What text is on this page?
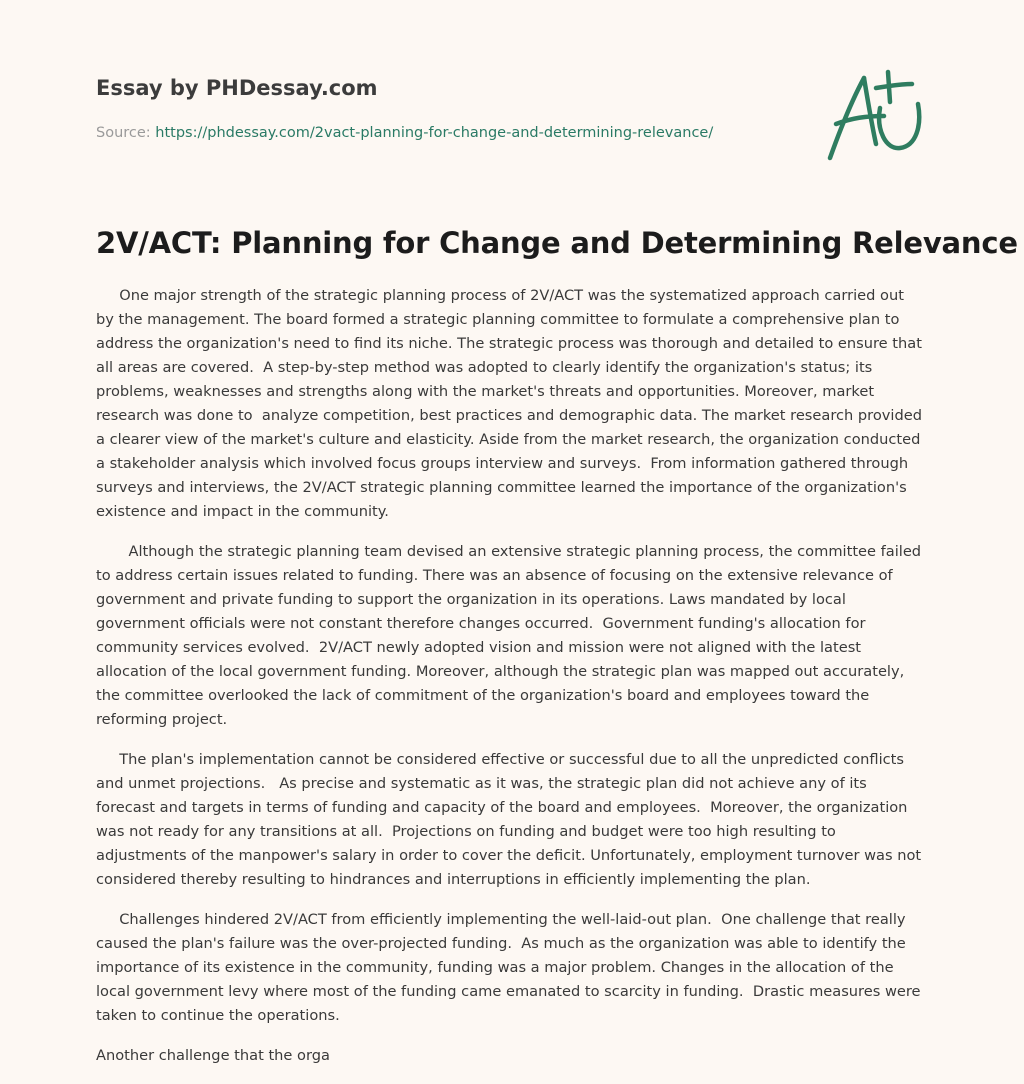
Essay by PHDessay.com
Source: https://phdessay.com/2vact-planning-for-change-and-determining-relevance/
2V/ACT: Planning for Change and Determining Relevance

One major strength of the strategic planning process of 2V/ACT was the systematized approach carried out by the management. The board formed a strategic planning committee to formulate a comprehensive plan to address the organization's need to find its niche. The strategic process was thorough and detailed to ensure that all areas are covered.  A step-by-step method was adopted to clearly identify the organization's status; its problems, weaknesses and strengths along with the market's threats and opportunities. Moreover, market research was done to  analyze competition, best practices and demographic data. The market research provided a clearer view of the market's culture and elasticity. Aside from the market research, the organization conducted a stakeholder analysis which involved focus groups interview and surveys.  From information gathered through surveys and interviews, the 2V/ACT strategic planning committee learned the importance of the organization's existence and impact in the community.

Although the strategic planning team devised an extensive strategic planning process, the committee failed to address certain issues related to funding. There was an absence of focusing on the extensive relevance of government and private funding to support the organization in its operations. Laws mandated by local government officials were not constant therefore changes occurred.  Government funding's allocation for community services evolved.  2V/ACT newly adopted vision and mission were not aligned with the latest allocation of the local government funding. Moreover, although the strategic plan was mapped out accurately, the committee overlooked the lack of commitment of the organization's board and employees toward the reforming project.

The plan's implementation cannot be considered effective or successful due to all the unpredicted conflicts and unmet projections.   As precise and systematic as it was, the strategic plan did not achieve any of its forecast and targets in terms of funding and capacity of the board and employees.  Moreover, the organization was not ready for any transitions at all.  Projections on funding and budget were too high resulting to adjustments of the manpower's salary in order to cover the deficit. Unfortunately, employment turnover was not considered thereby resulting to hindrances and interruptions in efficiently implementing the plan.

Challenges hindered 2V/ACT from efficiently implementing the well-laid-out plan.  One challenge that really caused the plan's failure was the over-projected funding.  As much as the organization was able to identify the importance of its existence in the community, funding was a major problem. Changes in the allocation of the local government levy where most of the funding came emanated to scarcity in funding.  Drastic measures were taken to continue the operations.

Another challenge that the orga
